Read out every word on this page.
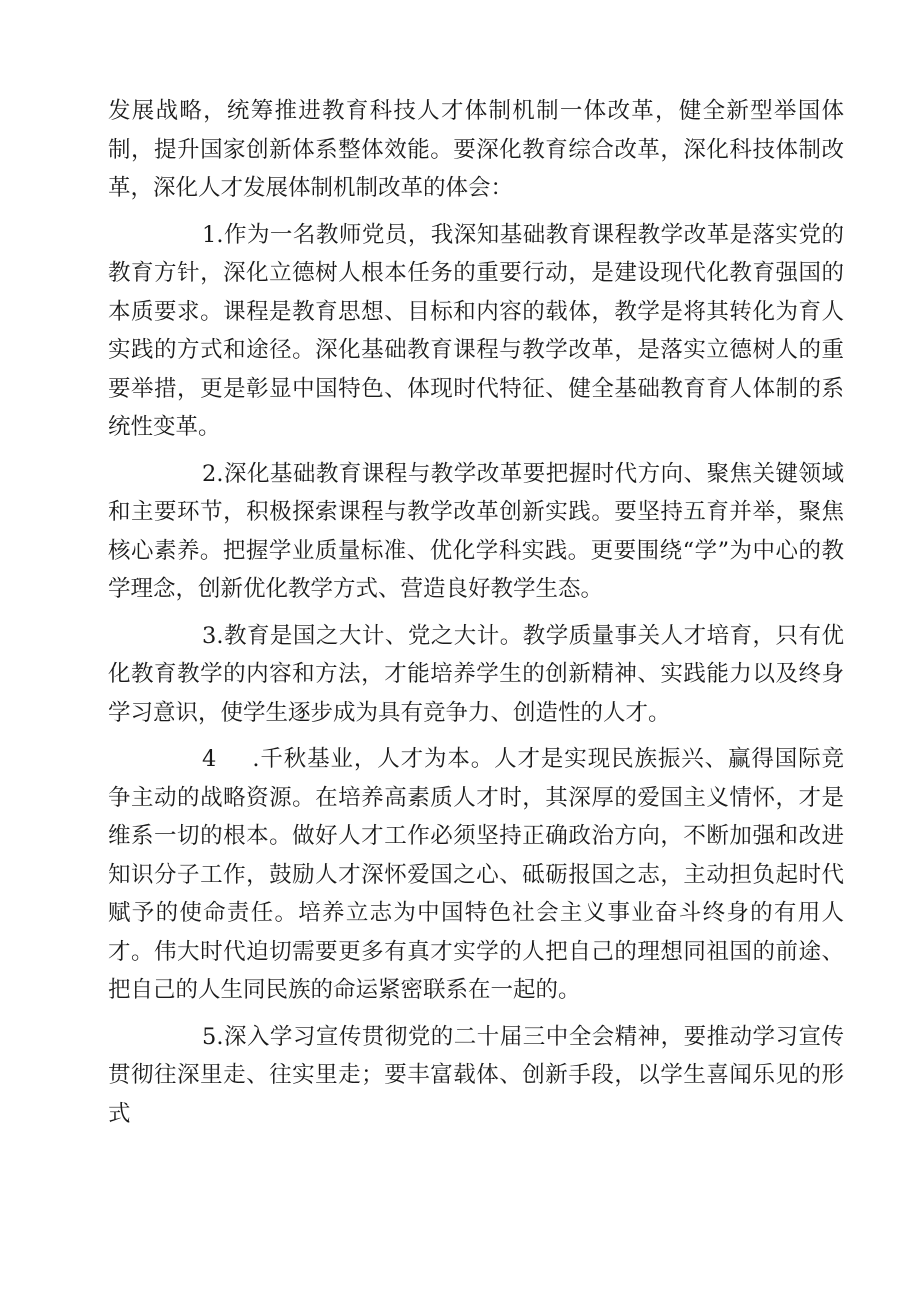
发展战略，统筹推进教育科技人才体制机制一体改革，健全新型举国体制，提升国家创新体系整体效能。要深化教育综合改革，深化科技体制改革，深化人才发展体制机制改革的体会：

1.作为一名教师党员，我深知基础教育课程教学改革是落实党的教育方针，深化立德树人根本任务的重要行动，是建设现代化教育强国的本质要求。课程是教育思想、目标和内容的载体，教学是将其转化为育人实践的方式和途径。深化基础教育课程与教学改革，是落实立德树人的重要举措，更是彰显中国特色、体现时代特征、健全基础教育育人体制的系统性变革。

2.深化基础教育课程与教学改革要把握时代方向、聚焦关键领域和主要环节，积极探索课程与教学改革创新实践。要坚持五育并举，聚焦核心素养。把握学业质量标准、优化学科实践。更要围绕“学”为中心的教学理念，创新优化教学方式、营造良好教学生态。

3.教育是国之大计、党之大计。教学质量事关人才培育，只有优化教育教学的内容和方法，才能培养学生的创新精神、实践能力以及终身学习意识，使学生逐步成为具有竞争力、创造性的人才。

4 .千秋基业，人才为本。人才是实现民族振兴、赢得国际竞争主动的战略资源。在培养高素质人才时，其深厚的爱国主义情怀，才是维系一切的根本。做好人才工作必须坚持正确政治方向，不断加强和改进知识分子工作，鼓励人才深怀爱国之心、砥砺报国之志，主动担负起时代赋予的使命责任。培养立志为中国特色社会主义事业奋斗终身的有用人才。伟大时代迫切需要更多有真才实学的人把自己的理想同祖国的前途、把自己的人生同民族的命运紧密联系在一起的。

5.深入学习宣传贯彻党的二十届三中全会精神，要推动学习宣传贯彻往深里走、往实里走；要丰富载体、创新手段，以学生喜闻乐见的形式
